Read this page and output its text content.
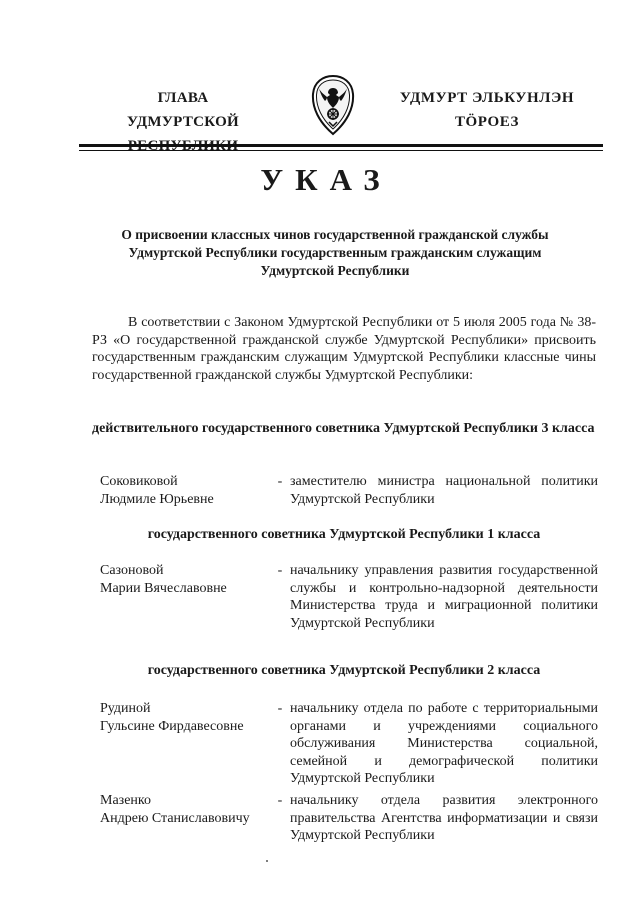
ГЛАВА
УДМУРТСКОЙ
УДМУРТ ЭЛЬКУНЛЭН
ТӦРОЕЗ
УКАЗ
О присвоении классных чинов государственной гражданской службы Удмуртской Республики государственным гражданским служащим Удмуртской Республики
В соответствии с Законом Удмуртской Республики от 5 июля 2005 года № 38-РЗ «О государственной гражданской службе Удмуртской Республики» присвоить государственным гражданским служащим Удмуртской Республики классные чины государственной гражданской службы Удмуртской Республики:
действительного государственного советника Удмуртской Республики 3 класса
Соковиковой
Людмиле Юрьевне
- заместителю министра национальной политики Удмуртской Республики
государственного советника Удмуртской Республики 1 класса
Сазоновой
Марии Вячеславовне
- начальнику управления развития государственной службы и контрольно-надзорной деятельности Министерства труда и миграционной политики Удмуртской Республики
государственного советника Удмуртской Республики 2 класса
Рудиной
Гульсине Фирдавесовне
- начальнику отдела по работе с территориальными органами и учреждениями социального обслуживания Министерства социальной, семейной и демографической политики Удмуртской Республики
Мазенко
Андрею Станиславовичу
- начальнику отдела развития электронного правительства Агентства информатизации и связи Удмуртской Республики
